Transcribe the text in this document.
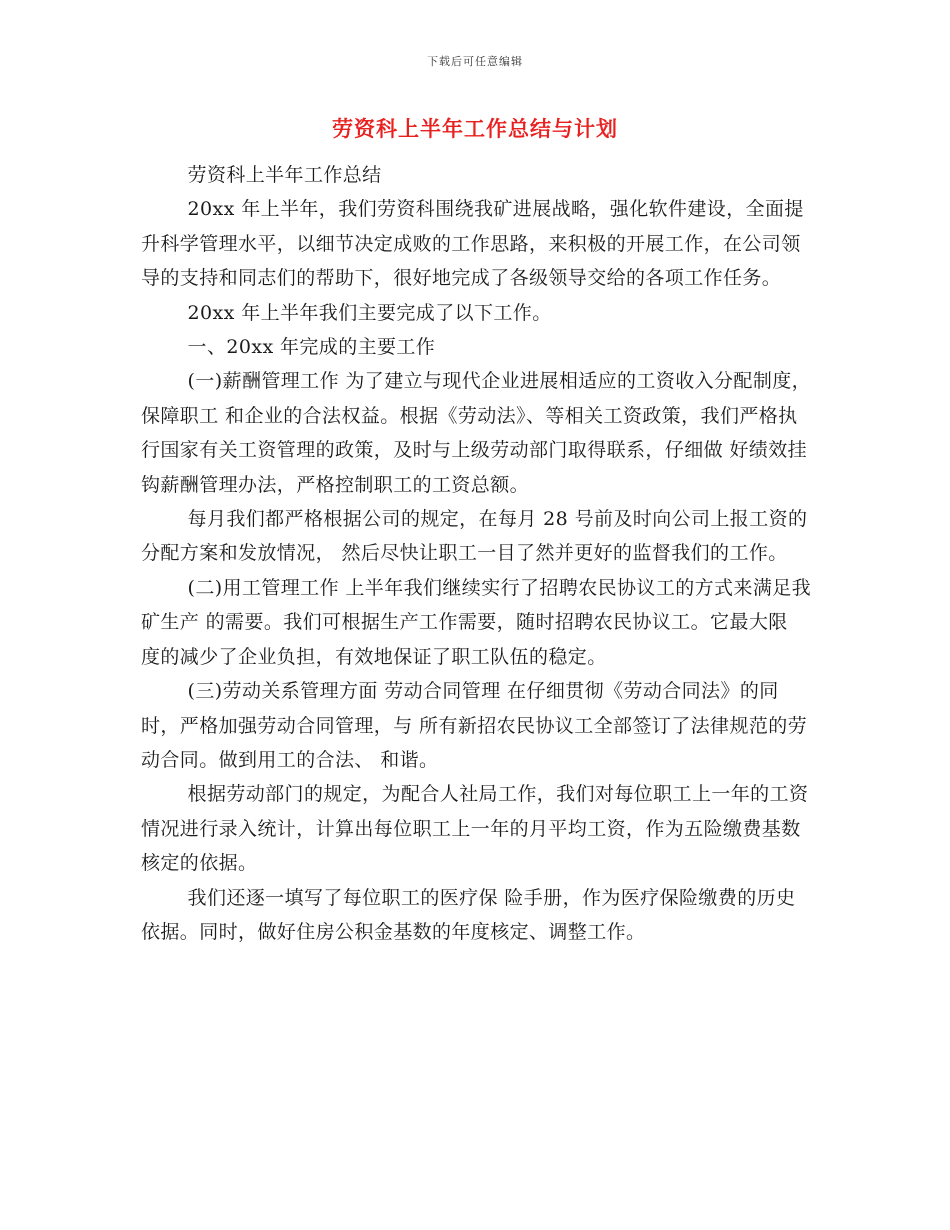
下载后可任意编辑
劳资科上半年工作总结与计划

劳资科上半年工作总结

20xx 年上半年，我们劳资科围绕我矿进展战略，强化软件建设，全面提升科学管理水平，以细节决定成败的工作思路，来积极的开展工作，在公司领导的支持和同志们的帮助下，很好地完成了各级领导交给的各项工作任务。

20xx 年上半年我们主要完成了以下工作。

一、20xx 年完成的主要工作

(一)薪酬管理工作 为了建立与现代企业进展相适应的工资收入分配制度， 保障职工 和企业的合法权益。根据《劳动法》、等相关工资政策，我们严格执 行国家有关工资管理的政策，及时与上级劳动部门取得联系，仔细做 好绩效挂钩薪酬管理办法，严格控制职工的工资总额。

每月我们都严格根据公司的规定，在每月 28 号前及时向公司上报工资的分配方案和发放情况， 然后尽快让职工一目了然并更好的监督我们的工作。

(二)用工管理工作 上半年我们继续实行了招聘农民协议工的方式来满足我矿生产 的需要。我们可根据生产工作需要，随时招聘农民协议工。它最大限 度的减少了企业负担，有效地保证了职工队伍的稳定。

(三)劳动关系管理方面 劳动合同管理 在仔细贯彻《劳动合同法》的同时，严格加强劳动合同管理，与 所有新招农民协议工全部签订了法律规范的劳动合同。做到用工的合法、 和谐。

根据劳动部门的规定，为配合人社局工作，我们对每位职工上一年的工资情况进行录入统计，计算出每位职工上一年的月平均工资，作为五险缴费基数核定的依据。

我们还逐一填写了每位职工的医疗保 险手册，作为医疗保险缴费的历史依据。同时，做好住房公积金基数的年度核定、调整工作。
